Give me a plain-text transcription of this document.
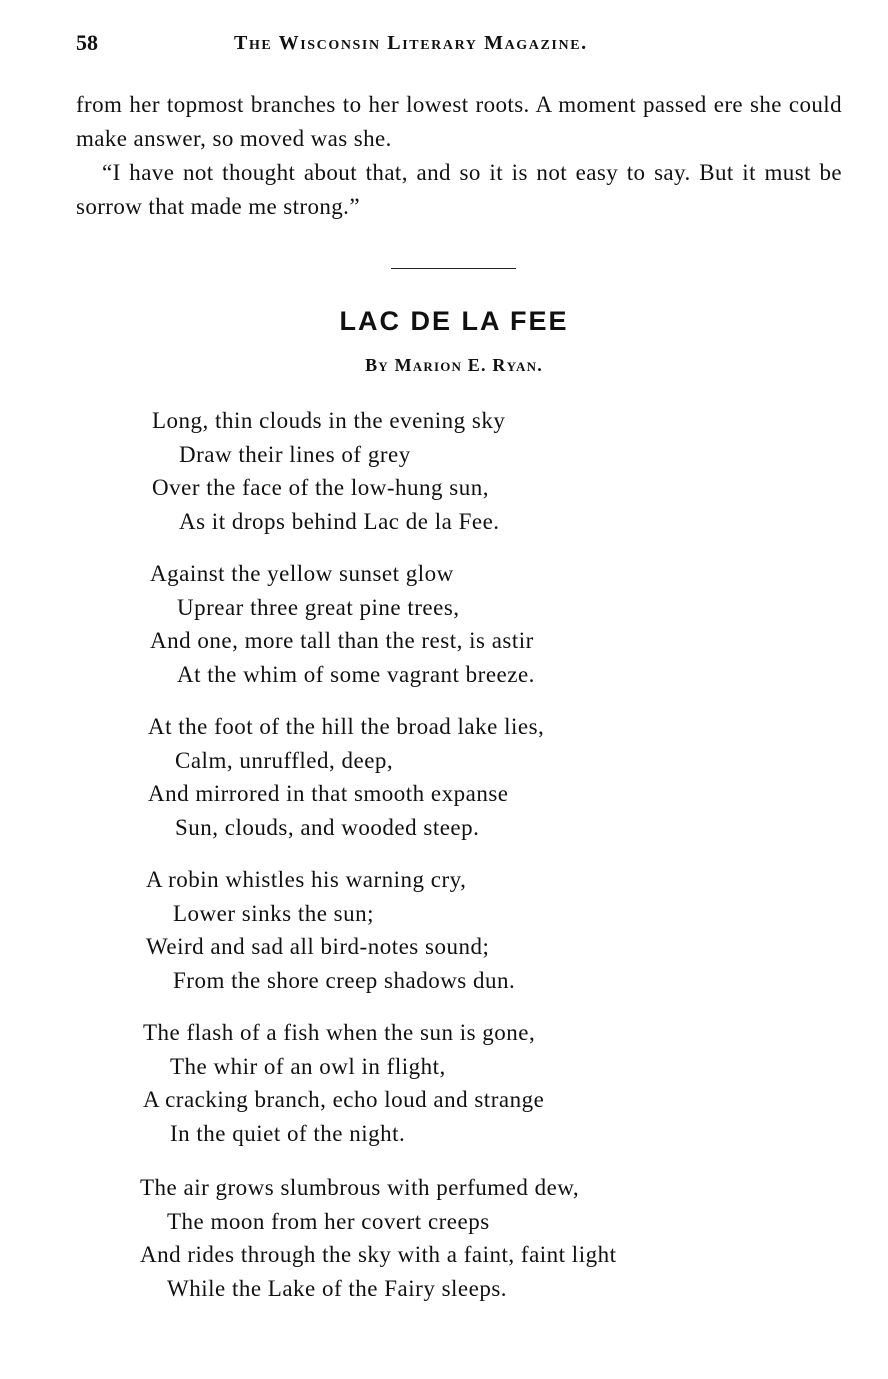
58	The Wisconsin Literary Magazine.

from her topmost branches to her lowest roots. A moment passed ere she could make answer, so moved was she.

“I have not thought about that, and so it is not easy to say. But it must be sorrow that made me strong.”

LAC DE LA FEE
By Marion E. Ryan.
Long, thin clouds in the evening sky
Draw their lines of grey
Over the face of the low-hung sun,
As it drops behind Lac de la Fee.
Against the yellow sunset glow
Uprear three great pine trees,
And one, more tall than the rest, is astir
At the whim of some vagrant breeze.
At the foot of the hill the broad lake lies,
Calm, unruffled, deep,
And mirrored in that smooth expanse
Sun, clouds, and wooded steep.
A robin whistles his warning cry,
Lower sinks the sun;
Weird and sad all bird-notes sound;
From the shore creep shadows dun.
The flash of a fish when the sun is gone,
The whir of an owl in flight,
A cracking branch, echo loud and strange
In the quiet of the night.
The air grows slumbrous with perfumed dew,
The moon from her covert creeps
And rides through the sky with a faint, faint light
While the Lake of the Fairy sleeps.
